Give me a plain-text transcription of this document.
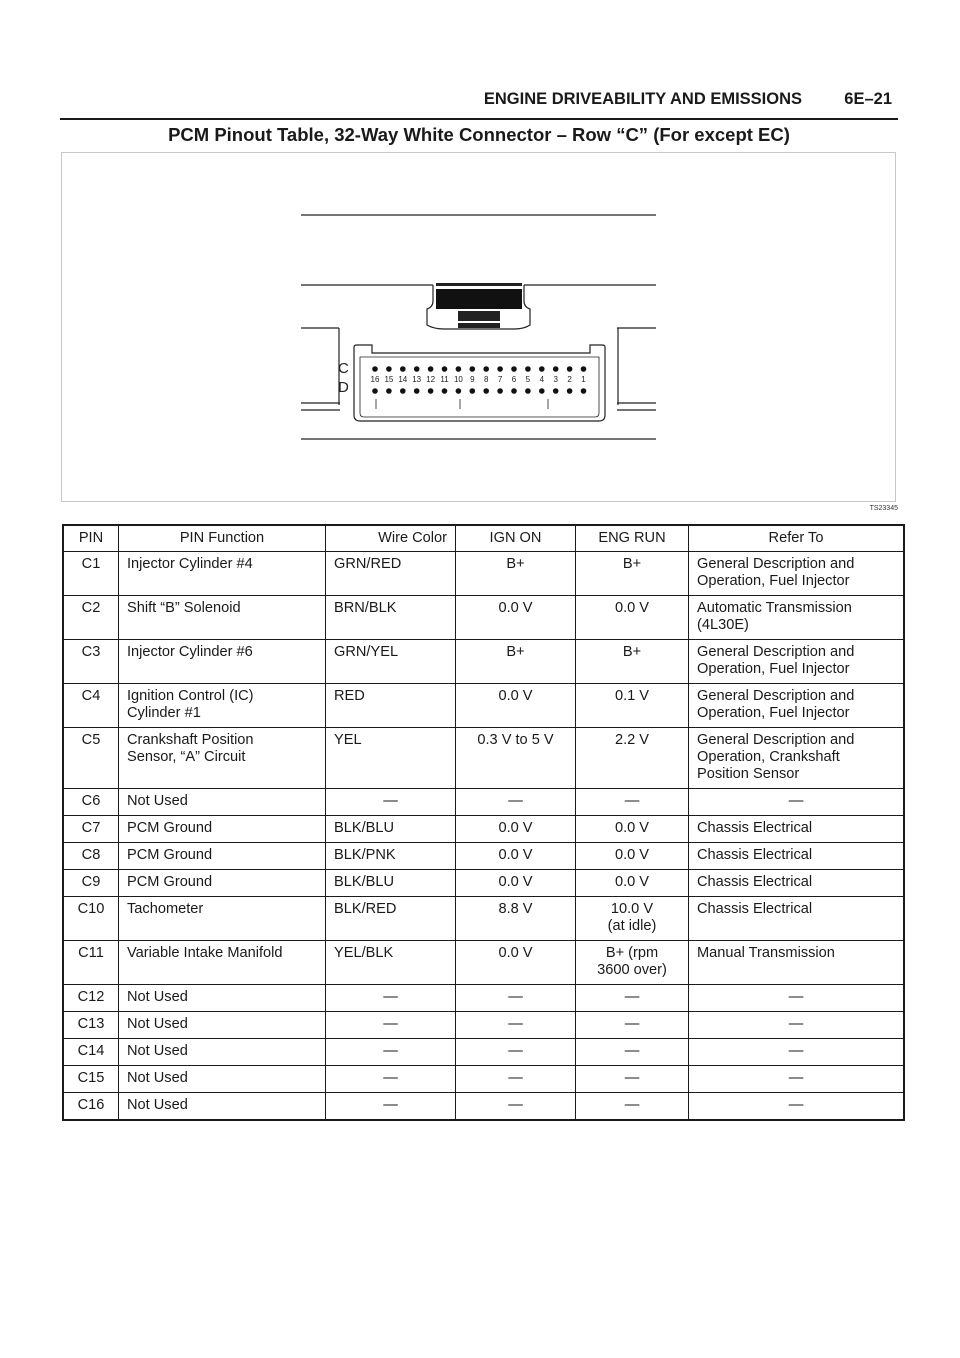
ENGINE DRIVEABILITY AND EMISSIONS	6E–21
PCM Pinout Table, 32-Way White Connector – Row “C” (For except EC)
C
D	16 15 14 13 12 11 10 9 8 7 6 5 4 3 2 1
TS23345
PIN	PIN Function	Wire Color	IGN ON	ENG RUN	Refer To
C1	Injector Cylinder #4	GRN/RED	B+	B+	General Description and
Operation, Fuel Injector
C2	Shift “B” Solenoid	BRN/BLK	0.0 V	0.0 V	Automatic Transmission
(4L30E)
C3	Injector Cylinder #6	GRN/YEL	B+	B+	General Description and
Operation, Fuel Injector
C4	Ignition Control (IC)
Cylinder #1	RED	0.0 V	0.1 V	General Description and
Operation, Fuel Injector
C5	Crankshaft Position
Sensor, “A” Circuit	YEL	0.3 V to 5 V	2.2 V	General Description and
Operation, Crankshaft
Position Sensor
C6	Not Used	—	—	—	—
C7	PCM Ground	BLK/BLU	0.0 V	0.0 V	Chassis Electrical
C8	PCM Ground	BLK/PNK	0.0 V	0.0 V	Chassis Electrical
C9	PCM Ground	BLK/BLU	0.0 V	0.0 V	Chassis Electrical
C10	Tachometer	BLK/RED	8.8 V	10.0 V
(at idle)	Chassis Electrical
C11	Variable Intake Manifold	YEL/BLK	0.0 V	B+ (rpm
3600 over)	Manual Transmission
C12	Not Used	—	—	—	—
C13	Not Used	—	—	—	—
C14	Not Used	—	—	—	—
C15	Not Used	—	—	—	—
C16	Not Used	—	—	—	—
